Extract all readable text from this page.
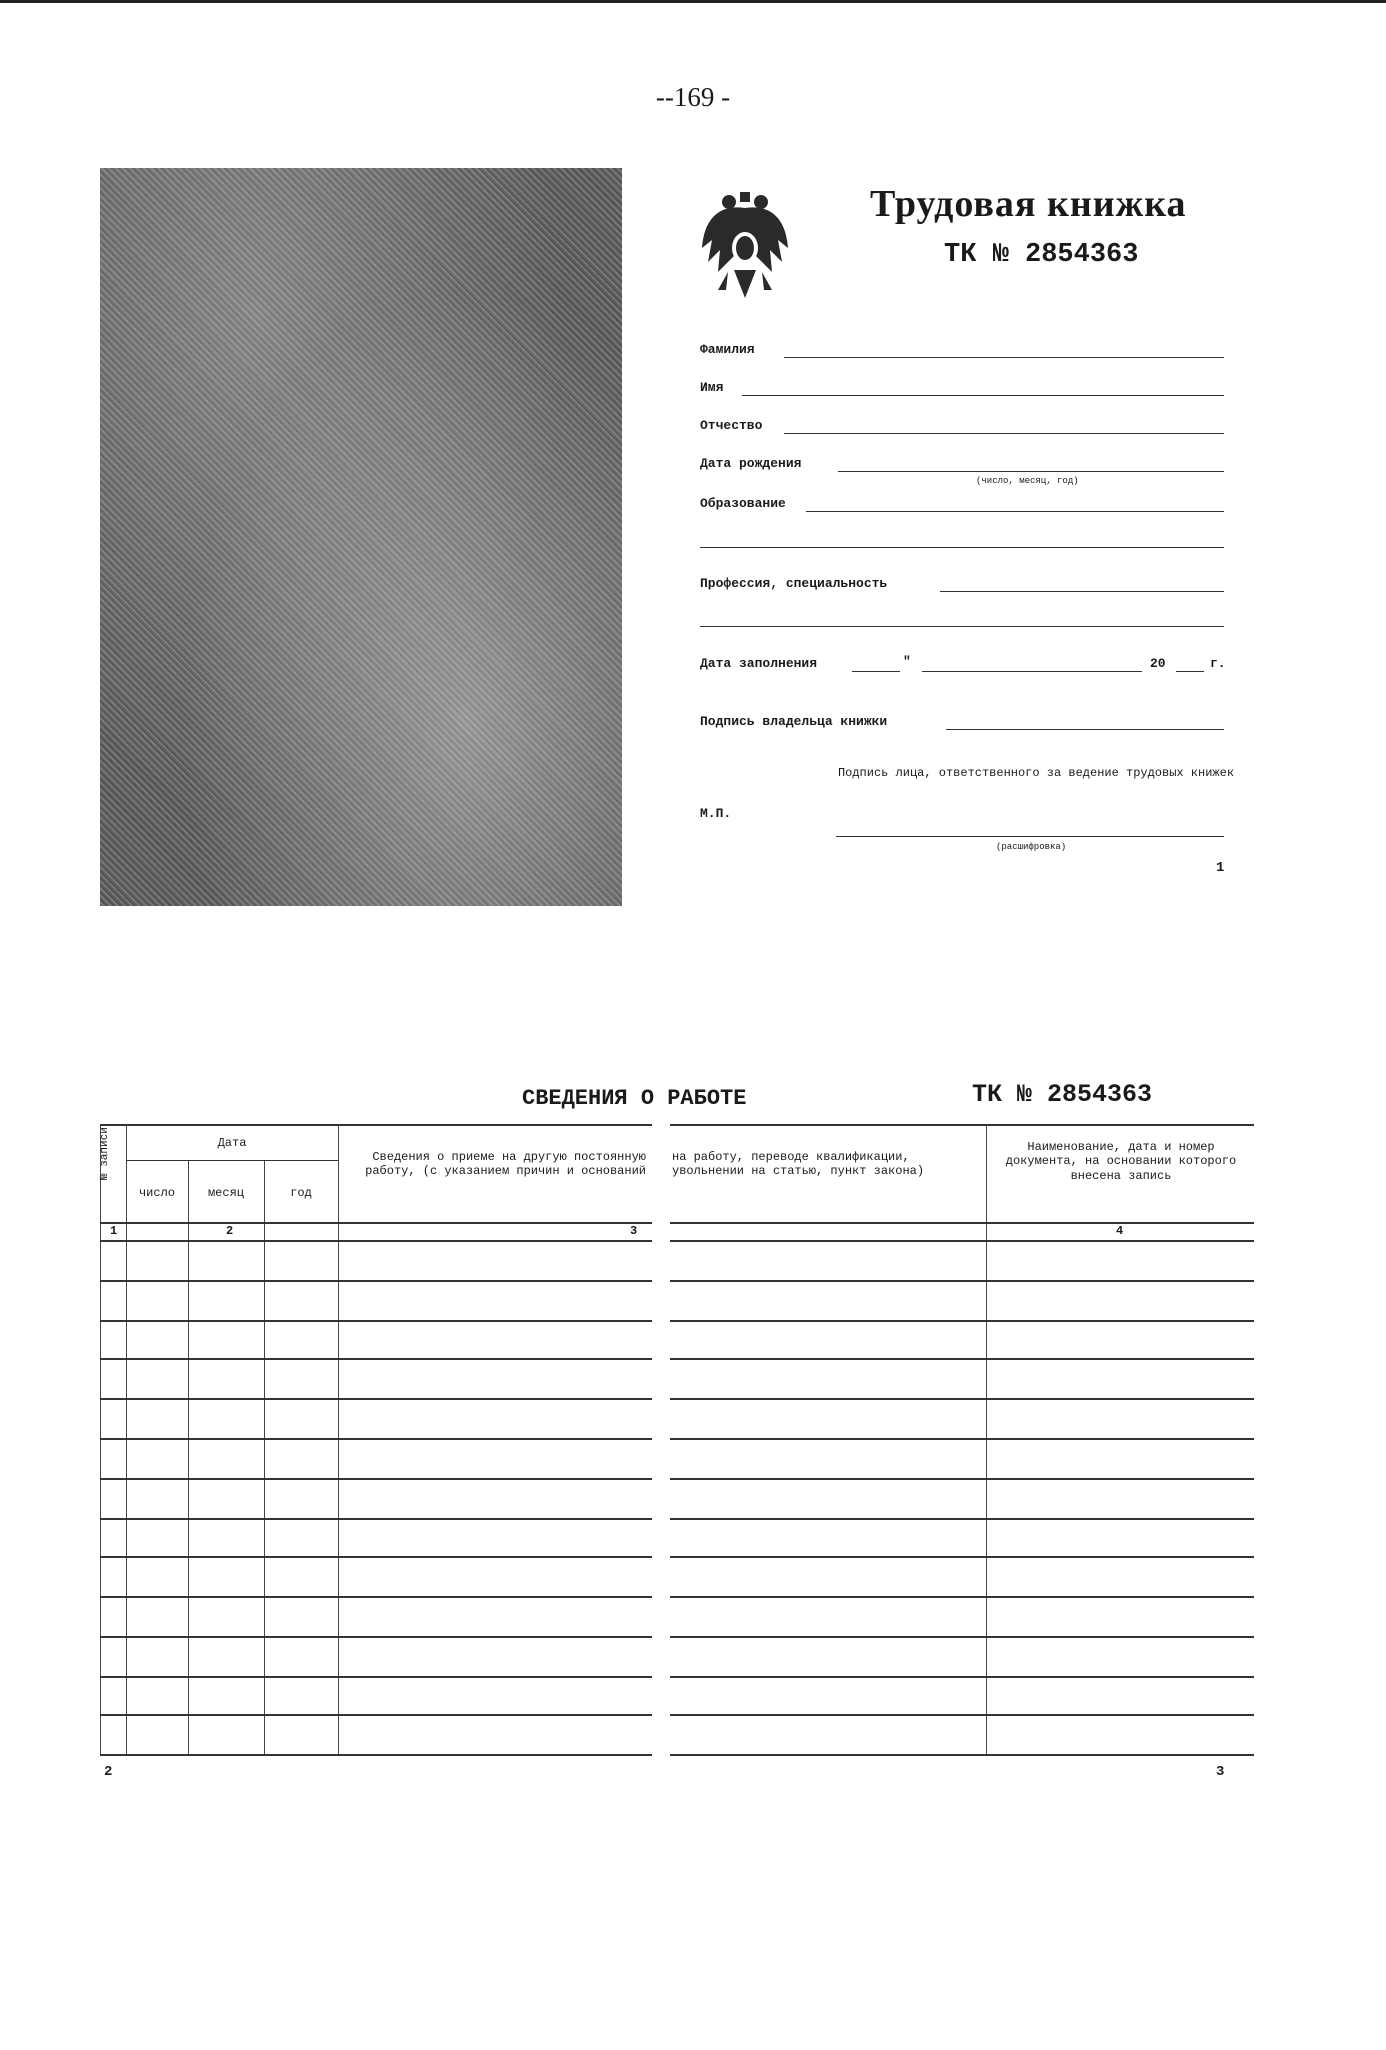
--169 -
Трудовая книжка
ТК № 2854363
Фамилия
Имя
Отчество
Дата рождения
(число, месяц, год)
Образование
Профессия, специальность
Дата заполнения	"	20	г.
Подпись владельца книжки
Подпись лица, ответственного за ведение трудовых книжек
М.П.
(расшифровка)
1
СВЕДЕНИЯ О РАБОТЕ	ТК № 2854363
№ записи	Дата
число	месяц	год
Сведения о приеме на другую постоянную работу, (с указанием причин и оснований
на работу, переводе квалификации, увольнении на статью, пункт закона)
Наименование, дата и номер документа, на основании которого внесена запись
1	2	3	4
2	3
